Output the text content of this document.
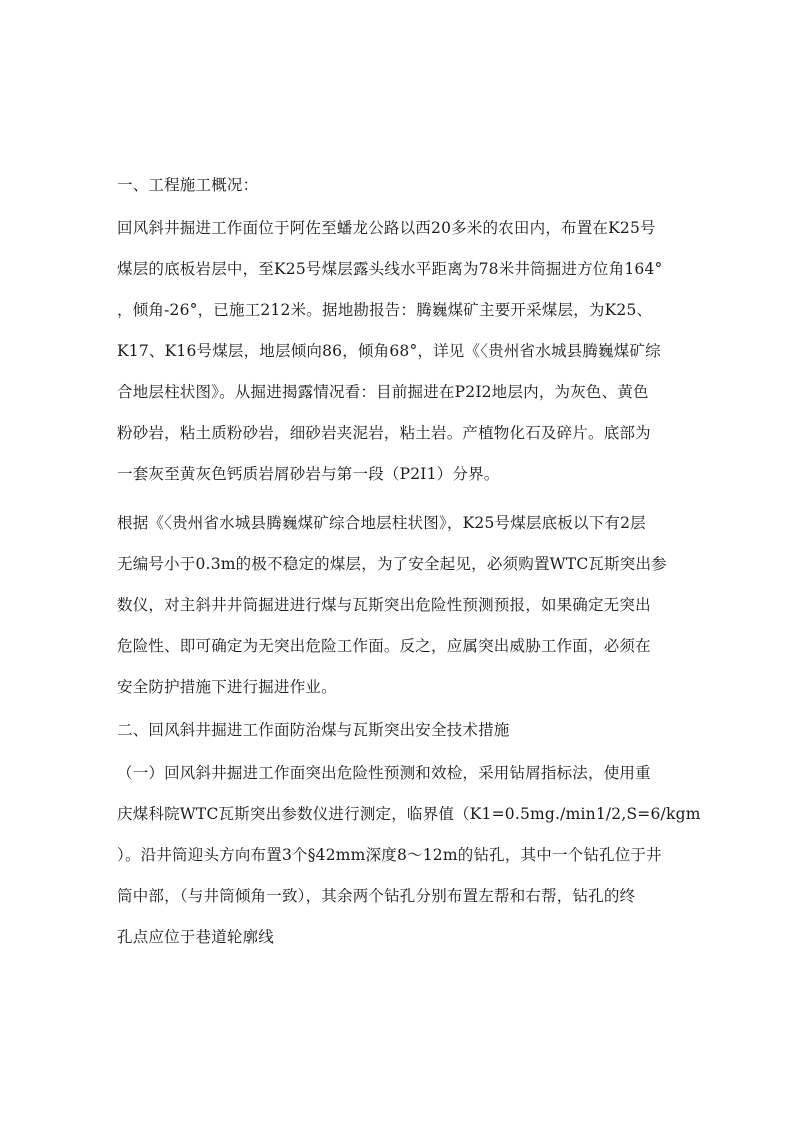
一、工程施工概况：
回风斜井掘进工作面位于阿佐至蟠龙公路以西20多米的农田内，布置在K25号
煤层的底板岩层中，至K25号煤层露头线水平距离为78米井筒掘进方位角164°
，倾角-26°，已施工212米。据地勘报告：腾巍煤矿主要开采煤层，为K25、
K17、K16号煤层，地层倾向86，倾角68°，详见《〈贵州省水城县腾巍煤矿综
合地层柱状图》。从掘进揭露情况看：目前掘进在P2I2地层内，为灰色、黄色
粉砂岩，粘土质粉砂岩，细砂岩夹泥岩，粘土岩。产植物化石及碎片。底部为
一套灰至黄灰色钙质岩屑砂岩与第一段（P2I1）分界。
根据《〈贵州省水城县腾巍煤矿综合地层柱状图》，K25号煤层底板以下有2层
无编号小于0.3m的极不稳定的煤层，为了安全起见，必须购置WTC瓦斯突出参
数仪，对主斜井井筒掘进进行煤与瓦斯突出危险性预测预报，如果确定无突出
危险性、即可确定为无突出危险工作面。反之，应属突出威胁工作面，必须在
安全防护措施下进行掘进作业。
二、回风斜井掘进工作面防治煤与瓦斯突出安全技术措施
（一）回风斜井掘进工作面突出危险性预测和效检，采用钻屑指标法，使用重
庆煤科院WTC瓦斯突出参数仪进行测定，临界值（K1=0.5mg./min1/2,S=6/kgm
）。沿井筒迎头方向布置3个§42mm深度8～12m的钻孔，其中一个钻孔位于井
筒中部，（与井筒倾角一致），其余两个钻孔分别布置左帮和右帮，钻孔的终
孔点应位于巷道轮廓线
